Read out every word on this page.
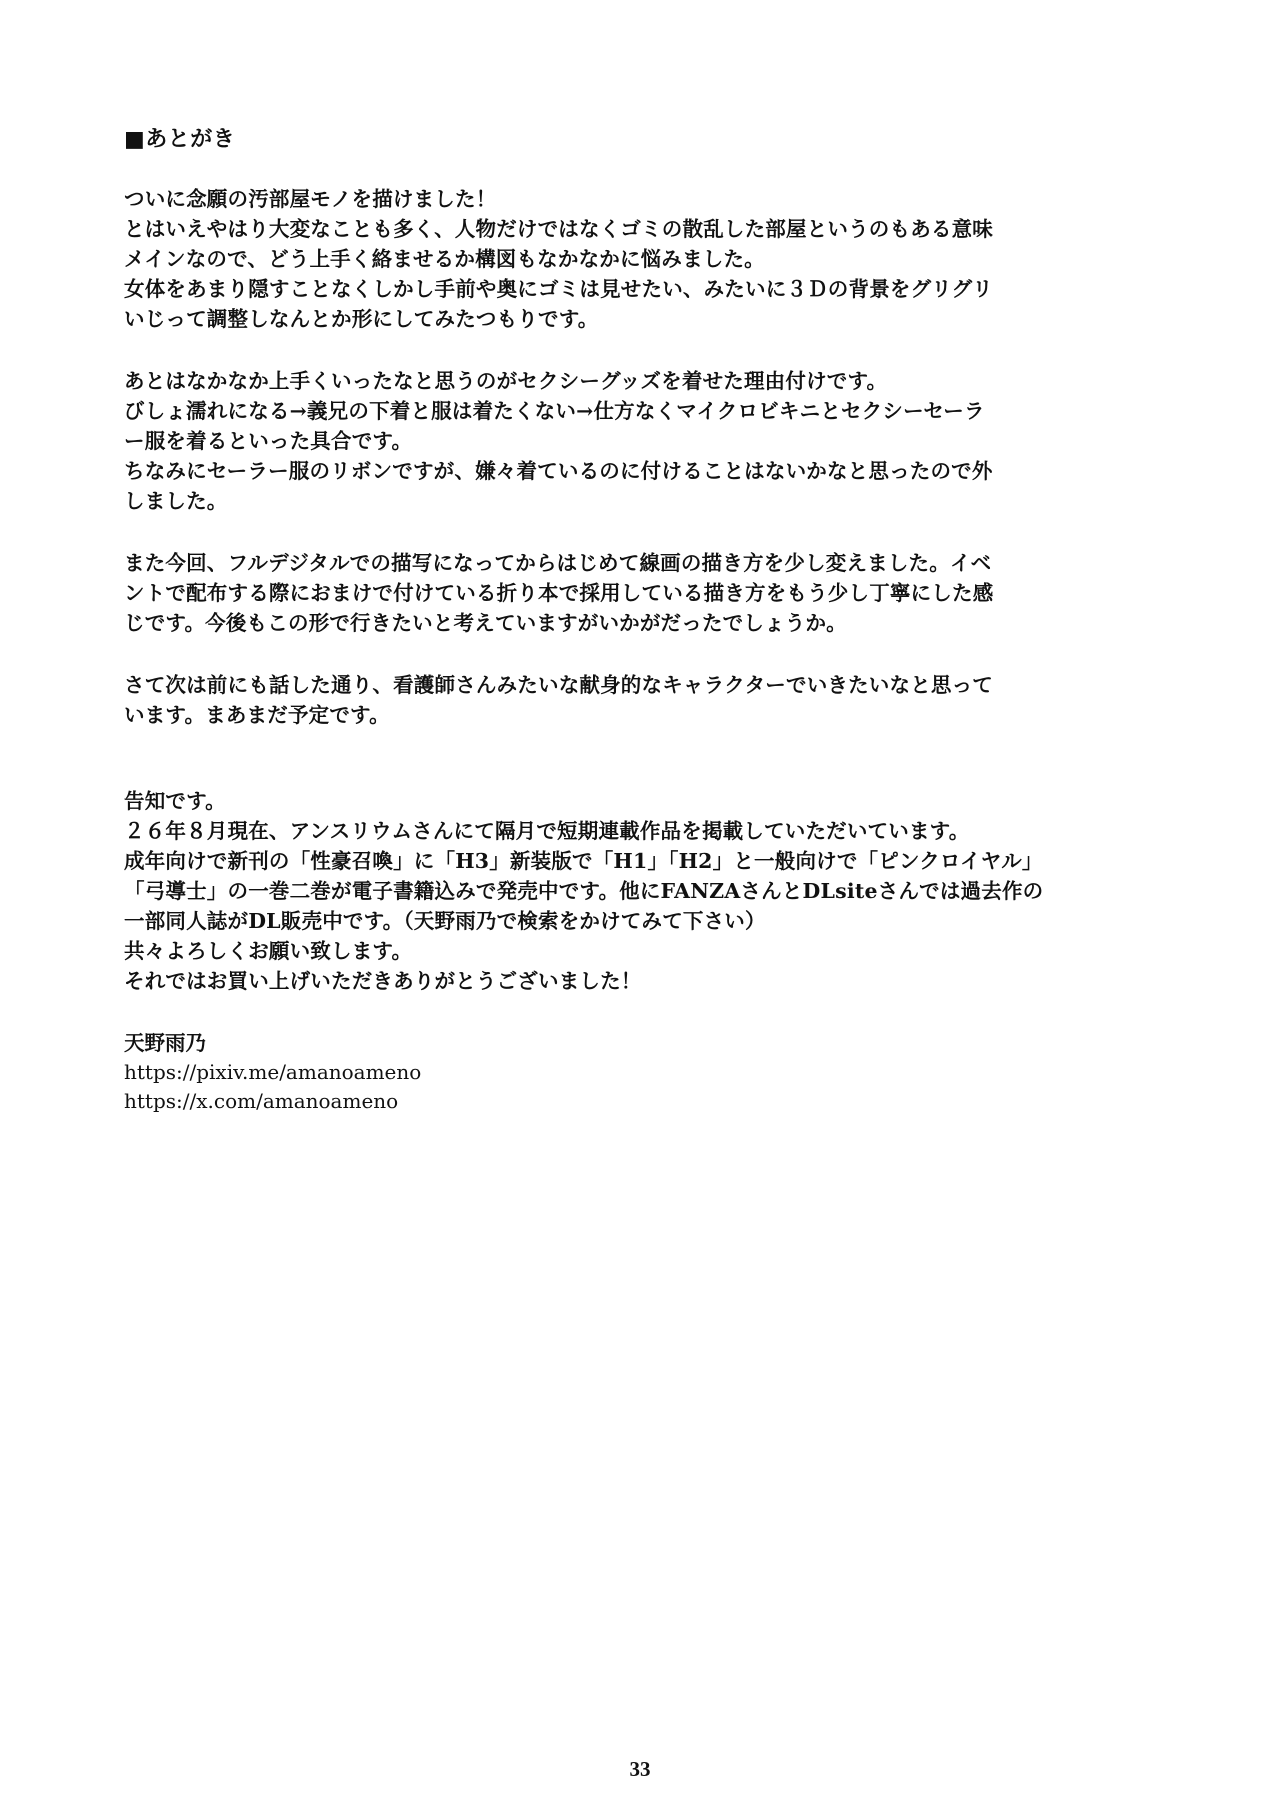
■あとがき
ついに念願の汚部屋モノを描けました！
とはいえやはり大変なことも多く、人物だけではなくゴミの散乱した部屋というのもある意味
メインなので、どう上手く絡ませるか構図もなかなかに悩みました。
女体をあまり隠すことなくしかし手前や奥にゴミは見せたい、みたいに３Ｄの背景をグリグリ
いじって調整しなんとか形にしてみたつもりです。
あとはなかなか上手くいったなと思うのがセクシーグッズを着せた理由付けです。
びしょ濡れになる→義兄の下着と服は着たくない→仕方なくマイクロビキニとセクシーセーラ
ー服を着るといった具合です。
ちなみにセーラー服のリボンですが、嫌々着ているのに付けることはないかなと思ったので外
しました。
また今回、フルデジタルでの描写になってからはじめて線画の描き方を少し変えました。イベ
ントで配布する際におまけで付けている折り本で採用している描き方をもう少し丁寧にした感
じです。今後もこの形で行きたいと考えていますがいかがだったでしょうか。
さて次は前にも話した通り、看護師さんみたいな献身的なキャラクターでいきたいなと思って
います。まあまだ予定です。
告知です。
２６年８月現在、アンスリウムさんにて隔月で短期連載作品を掲載していただいています。
成年向けで新刊の「性豪召喚」に「H3」新装版で「H1」「H2」と一般向けで「ピンクロイヤル」
「弓導士」の一巻二巻が電子書籍込みで発売中です。他にFANZAさんとDLsiteさんでは過去作の
一部同人誌がDL販売中です。（天野雨乃で検索をかけてみて下さい）
共々よろしくお願い致します。
それではお買い上げいただきありがとうございました！
天野雨乃
https://pixiv.me/amanoameno
https://x.com/amanoameno
33
